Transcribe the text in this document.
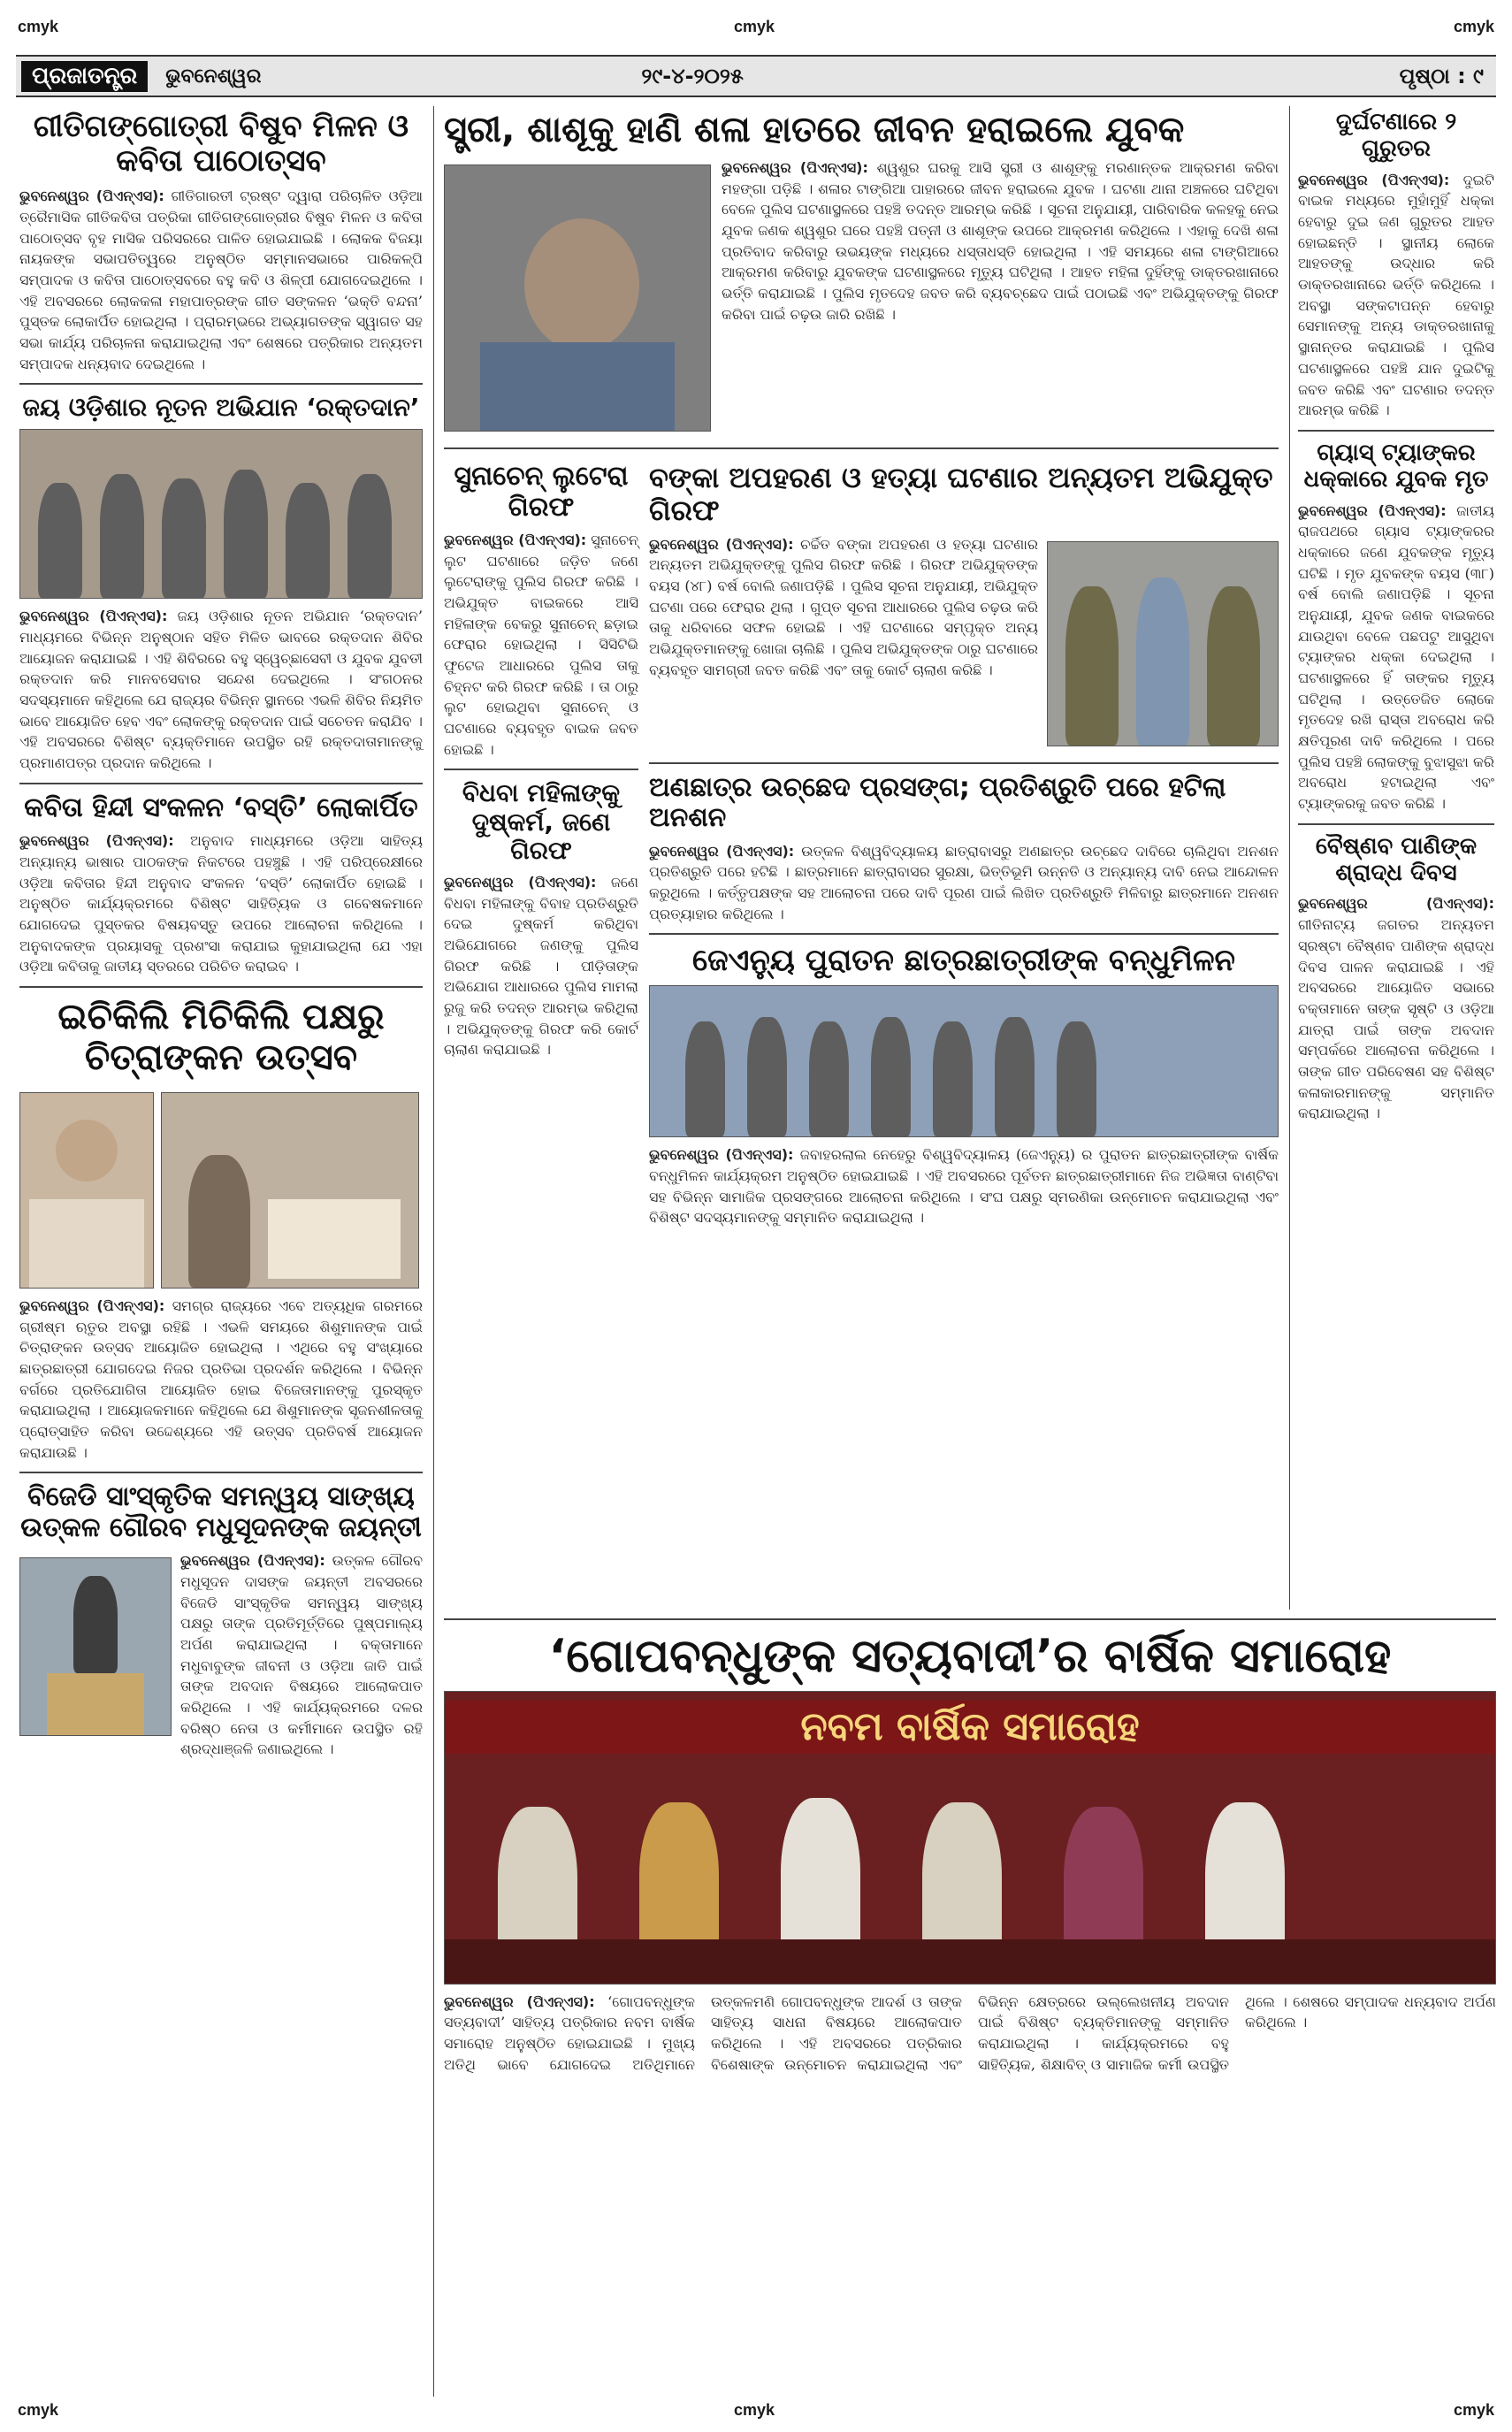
cmyk	cmyk	cmyk
cmyk	cmyk	cmyk
ପ୍ରଜାତନ୍ତ୍ର	ଭୁବନେଶ୍ୱର	୨୯-୪-୨୦୨୫	ପୃଷ୍ଠା : ୯
ଗୀତିଗଙ୍ଗୋତ୍ରୀ ବିଷୁବ ମିଳନ ଓ କବିତା ପାଠୋତ୍ସବ
ଭୁବନେଶ୍ୱର (ପିଏନ୍ଏସ): ଗୀତିଗାରତୀ ଟ୍ରଷ୍ଟ ଦ୍ୱାରା ପରିଚାଳିତ ଓଡ଼ିଆ ତ୍ରୈମାସିକ ଗୀତିକବିତା ପତ୍ରିକା ଗୀତିଗଙ୍ଗୋତ୍ରୀର ବିଷୁବ ମିଳନ ଓ କବିତା ପାଠୋତ୍ସବ ବୃହ ମାସିକ ପରିସରରେ ପାଳିତ ହୋଇଯାଇଛି । ଲୋକକ ବିଜୟା ନାୟକଙ୍କ ସଭାପତିତ୍ୱରେ ଅନୁଷ୍ଠିତ ସମ୍ମାନସଭାରେ ପାରିକଳ୍ପି ସମ୍ପାଦକ ଓ କବିତା ପାଠୋତ୍ସବରେ ବହୁ କବି ଓ ଶିଳ୍ପୀ ଯୋଗଦେଇଥିଲେ । ଏହି ଅବସରରେ ଲୋକକଳା ମହାପାତ୍ରଙ୍କ ଗୀତ ସଙ୍କଳନ ‘ଭକ୍ତି ବନ୍ଦନା’ ପୁସ୍ତକ ଲୋକାର୍ପିତ ହୋଇଥିଲା । ପ୍ରାରମ୍ଭରେ ଅଭ୍ୟାଗତଙ୍କ ସ୍ୱାଗତ ସହ ସଭା କାର୍ଯ୍ୟ ପରିଚାଳନା କରାଯାଇଥିଲା ଏବଂ ଶେଷରେ ପତ୍ରିକାର ଅନ୍ୟତମ ସମ୍ପାଦକ ଧନ୍ୟବାଦ ଦେଇଥିଲେ ।
ଜୟ ଓଡ଼ିଶାର ନୂତନ ଅଭିଯାନ ‘ରକ୍ତଦାନ’
ଭୁବନେଶ୍ୱର (ପିଏନ୍ଏସ): ଜୟ ଓଡ଼ିଶାର ନୂତନ ଅଭିଯାନ ‘ରକ୍ତଦାନ’ ମାଧ୍ୟମରେ ବିଭିନ୍ନ ଅନୁଷ୍ଠାନ ସହିତ ମିଳିତ ଭାବରେ ରକ୍ତଦାନ ଶିବିର ଆୟୋଜନ କରାଯାଇଛି । ଏହି ଶିବିରରେ ବହୁ ସ୍ୱେଚ୍ଛାସେବୀ ଓ ଯୁବକ ଯୁବତୀ ରକ୍ତଦାନ କରି ମାନବସେବାର ସନ୍ଦେଶ ଦେଇଥିଲେ । ସଂଗଠନର ସଦସ୍ୟମାନେ କହିଥିଲେ ଯେ ରାଜ୍ୟର ବିଭିନ୍ନ ସ୍ଥାନରେ ଏଭଳି ଶିବିର ନିୟମିତ ଭାବେ ଆୟୋଜିତ ହେବ ଏବଂ ଲୋକଙ୍କୁ ରକ୍ତଦାନ ପାଇଁ ସଚେତନ କରାଯିବ । ଏହି ଅବସରରେ ବିଶିଷ୍ଟ ବ୍ୟକ୍ତିମାନେ ଉପସ୍ଥିତ ରହି ରକ୍ତଦାତାମାନଙ୍କୁ ପ୍ରମାଣପତ୍ର ପ୍ରଦାନ କରିଥିଲେ ।
କବିତା ହିନ୍ଦୀ ସଂକଳନ ‘ବସ୍ତି’ ଲୋକାର୍ପିତ
ଭୁବନେଶ୍ୱର (ପିଏନ୍ଏସ): ଅନୁବାଦ ମାଧ୍ୟମରେ ଓଡ଼ିଆ ସାହିତ୍ୟ ଅନ୍ୟାନ୍ୟ ଭାଷାର ପାଠକଙ୍କ ନିକଟରେ ପହଞ୍ଚୁଛି । ଏହି ପରିପ୍ରେକ୍ଷୀରେ ଓଡ଼ିଆ କବିତାର ହିନ୍ଦୀ ଅନୁବାଦ ସଂକଳନ ‘ବସ୍ତି’ ଲୋକାର୍ପିତ ହୋଇଛି । ଅନୁଷ୍ଠିତ କାର୍ଯ୍ୟକ୍ରମରେ ବିଶିଷ୍ଟ ସାହିତ୍ୟିକ ଓ ଗବେଷକମାନେ ଯୋଗଦେଇ ପୁସ୍ତକର ବିଷୟବସ୍ତୁ ଉପରେ ଆଲୋଚନା କରିଥିଲେ । ଅନୁବାଦକଙ୍କ ପ୍ରୟାସକୁ ପ୍ରଶଂସା କରାଯାଇ କୁହାଯାଇଥିଲା ଯେ ଏହା ଓଡ଼ିଆ କବିତାକୁ ଜାତୀୟ ସ୍ତରରେ ପରିଚିତ କରାଇବ ।
ଇଚିକିଲି ମିଚିକିଲି ପକ୍ଷରୁ ଚିତ୍ରାଙ୍କନ ଉତ୍ସବ
ଭୁବନେଶ୍ୱର (ପିଏନ୍ଏସ): ସମଗ୍ର ରାଜ୍ୟରେ ଏବେ ଅତ୍ୟଧିକ ଗରମରେ ଗ୍ରୀଷ୍ମ ଋତୁର ଅବସ୍ଥା ରହିଛି । ଏଭଳି ସମୟରେ ଶିଶୁମାନଙ୍କ ପାଇଁ ଚିତ୍ରାଙ୍କନ ଉତ୍ସବ ଆୟୋଜିତ ହୋଇଥିଲା । ଏଥିରେ ବହୁ ସଂଖ୍ୟାରେ ଛାତ୍ରଛାତ୍ରୀ ଯୋଗଦେଇ ନିଜର ପ୍ରତିଭା ପ୍ରଦର୍ଶନ କରିଥିଲେ । ବିଭିନ୍ନ ବର୍ଗରେ ପ୍ରତିଯୋଗିତା ଆୟୋଜିତ ହୋଇ ବିଜେତାମାନଙ୍କୁ ପୁରସ୍କୃତ କରାଯାଇଥିଲା । ଆୟୋଜକମାନେ କହିଥିଲେ ଯେ ଶିଶୁମାନଙ୍କ ସୃଜନଶୀଳତାକୁ ପ୍ରୋତ୍ସାହିତ କରିବା ଉଦ୍ଦେଶ୍ୟରେ ଏହି ଉତ୍ସବ ପ୍ରତିବର୍ଷ ଆୟୋଜନ କରାଯାଉଛି ।
ବିଜେଡି ସାଂସ୍କୃତିକ ସମନ୍ୱୟ ସାଙ୍ଖ୍ୟ ଉତ୍କଳ ଗୌରବ ମଧୁସୂଦନଙ୍କ ଜୟନ୍ତୀ
ଭୁବନେଶ୍ୱର (ପିଏନ୍ଏସ): ଉତ୍କଳ ଗୌରବ ମଧୁସୂଦନ ଦାସଙ୍କ ଜୟନ୍ତୀ ଅବସରରେ ବିଜେଡି ସାଂସ୍କୃତିକ ସମନ୍ୱୟ ସାଙ୍ଖ୍ୟ ପକ୍ଷରୁ ତାଙ୍କ ପ୍ରତିମୂର୍ତ୍ତିରେ ପୁଷ୍ପମାଲ୍ୟ ଅର୍ପଣ କରାଯାଇଥିଲା । ବକ୍ତାମାନେ ମଧୁବାବୁଙ୍କ ଜୀବନୀ ଓ ଓଡ଼ିଆ ଜାତି ପାଇଁ ତାଙ୍କ ଅବଦାନ ବିଷୟରେ ଆଲୋକପାତ କରିଥିଲେ । ଏହି କାର୍ଯ୍ୟକ୍ରମରେ ଦଳର ବରିଷ୍ଠ ନେତା ଓ କର୍ମୀମାନେ ଉପସ୍ଥିତ ରହି ଶ୍ରଦ୍ଧାଞ୍ଜଳି ଜଣାଇଥିଲେ ।
ସ୍ତ୍ରୀ, ଶାଶୂକୁ ହାଣି ଶଳା ହାତରେ ଜୀବନ ହରାଇଲେ ଯୁବକ
ଭୁବନେଶ୍ୱର (ପିଏନ୍ଏସ): ଶ୍ୱଶୁର ଘରକୁ ଆସି ସ୍ତ୍ରୀ ଓ ଶାଶୂଙ୍କୁ ମରଣାନ୍ତକ ଆକ୍ରମଣ କରିବା ମହଙ୍ଗା ପଡ଼ିଛି । ଶଳାର ଟାଙ୍ଗିଆ ପାହାରରେ ଜୀବନ ହରାଇଲେ ଯୁବକ । ଘଟଣା ଥାନା ଅଞ୍ଚଳରେ ଘଟିଥିବା ବେଳେ ପୁଲିସ ଘଟଣାସ୍ଥଳରେ ପହଞ୍ଚି ତଦନ୍ତ ଆରମ୍ଭ କରିଛି । ସୂଚନା ଅନୁଯାୟୀ, ପାରିବାରିକ କଳହକୁ ନେଇ ଯୁବକ ଜଣକ ଶ୍ୱଶୁର ଘରେ ପହଞ୍ଚି ପତ୍ନୀ ଓ ଶାଶୂଙ୍କ ଉପରେ ଆକ୍ରମଣ କରିଥିଲେ । ଏହାକୁ ଦେଖି ଶଳା ପ୍ରତିବାଦ କରିବାରୁ ଉଭୟଙ୍କ ମଧ୍ୟରେ ଧସ୍ତାଧସ୍ତି ହୋଇଥିଲା । ଏହି ସମୟରେ ଶଳା ଟାଙ୍ଗିଆରେ ଆକ୍ରମଣ କରିବାରୁ ଯୁବକଙ୍କ ଘଟଣାସ୍ଥଳରେ ମୃତ୍ୟୁ ଘଟିଥିଲା । ଆହତ ମହିଳା ଦୁହିଁଙ୍କୁ ଡାକ୍ତରଖାନାରେ ଭର୍ତ୍ତି କରାଯାଇଛି । ପୁଲିସ ମୃତଦେହ ଜବତ କରି ବ୍ୟବଚ୍ଛେଦ ପାଇଁ ପଠାଇଛି ଏବଂ ଅଭିଯୁକ୍ତଙ୍କୁ ଗିରଫ କରିବା ପାଇଁ ଚଢ଼ଉ ଜାରି ରଖିଛି ।
ସୁନାଚେନ୍ ଲୁଟେରା ଗିରଫ
ଭୁବନେଶ୍ୱର (ପିଏନ୍ଏସ): ସୁନାଚେନ୍ ଲୁଟ ଘଟଣାରେ ଜଡ଼ିତ ଜଣେ ଲୁଟେରାଙ୍କୁ ପୁଲିସ ଗିରଫ କରିଛି । ଅଭିଯୁକ୍ତ ବାଇକରେ ଆସି ମହିଳାଙ୍କ ବେକରୁ ସୁନାଚେନ୍ ଛଡ଼ାଇ ଫେରାର ହୋଇଥିଲା । ସିସିଟିଭି ଫୁଟେଜ ଆଧାରରେ ପୁଲିସ ତାକୁ ଚିହ୍ନଟ କରି ଗିରଫ କରିଛି । ତା ଠାରୁ ଲୁଟ ହୋଇଥିବା ସୁନାଚେନ୍ ଓ ଘଟଣାରେ ବ୍ୟବହୃତ ବାଇକ ଜବତ ହୋଇଛି ।
ବିଧବା ମହିଳାଙ୍କୁ ଦୁଷ୍କର୍ମ, ଜଣେ ଗିରଫ
ଭୁବନେଶ୍ୱର (ପିଏନ୍ଏସ): ଜଣେ ବିଧବା ମହିଳାଙ୍କୁ ବିବାହ ପ୍ରତିଶ୍ରୁତି ଦେଇ ଦୁଷ୍କର୍ମ କରିଥିବା ଅଭିଯୋଗରେ ଜଣଙ୍କୁ ପୁଲିସ ଗିରଫ କରିଛି । ପୀଡ଼ିତାଙ୍କ ଅଭିଯୋଗ ଆଧାରରେ ପୁଲିସ ମାମଲା ରୁଜୁ କରି ତଦନ୍ତ ଆରମ୍ଭ କରିଥିଲା । ଅଭିଯୁକ୍ତଙ୍କୁ ଗିରଫ କରି କୋର୍ଟ ଚାଲାଣ କରାଯାଇଛି ।
ବଙ୍କା ଅପହରଣ ଓ ହତ୍ୟା ଘଟଣାର ଅନ୍ୟତମ ଅଭିଯୁକ୍ତ ଗିରଫ
ଭୁବନେଶ୍ୱର (ପିଏନ୍ଏସ): ଚର୍ଚ୍ଚିତ ବଙ୍କା ଅପହରଣ ଓ ହତ୍ୟା ଘଟଣାର ଅନ୍ୟତମ ଅଭିଯୁକ୍ତଙ୍କୁ ପୁଲିସ ଗିରଫ କରିଛି । ଗିରଫ ଅଭିଯୁକ୍ତଙ୍କ ବୟସ (୪୮) ବର୍ଷ ବୋଲି ଜଣାପଡ଼ିଛି । ପୁଲିସ ସୂଚନା ଅନୁଯାୟୀ, ଅଭିଯୁକ୍ତ ଘଟଣା ପରେ ଫେରାର ଥିଲା । ଗୁପ୍ତ ସୂଚନା ଆଧାରରେ ପୁଲିସ ଚଢ଼ଉ କରି ତାକୁ ଧରିବାରେ ସଫଳ ହୋଇଛି । ଏହି ଘଟଣାରେ ସମ୍ପୃକ୍ତ ଅନ୍ୟ ଅଭିଯୁକ୍ତମାନଙ୍କୁ ଖୋଜା ଚାଲିଛି । ପୁଲିସ ଅଭିଯୁକ୍ତଙ୍କ ଠାରୁ ଘଟଣାରେ ବ୍ୟବହୃତ ସାମଗ୍ରୀ ଜବତ କରିଛି ଏବଂ ତାକୁ କୋର୍ଟ ଚାଲାଣ କରିଛି ।
ଅଣଛାତ୍ର ଉଚ୍ଛେଦ ପ୍ରସଙ୍ଗ; ପ୍ରତିଶ୍ରୁତି ପରେ ହଟିଲା ଅନଶନ
ଭୁବନେଶ୍ୱର (ପିଏନ୍ଏସ): ଉତ୍କଳ ବିଶ୍ୱବିଦ୍ୟାଳୟ ଛାତ୍ରାବାସରୁ ଅଣଛାତ୍ର ଉଚ୍ଛେଦ ଦାବିରେ ଚାଲିଥିବା ଅନଶନ ପ୍ରତିଶ୍ରୁତି ପରେ ହଟିଛି । ଛାତ୍ରମାନେ ଛାତ୍ରାବାସର ସୁରକ୍ଷା, ଭିତ୍ତିଭୂମି ଉନ୍ନତି ଓ ଅନ୍ୟାନ୍ୟ ଦାବି ନେଇ ଆନ୍ଦୋଳନ କରୁଥିଲେ । କର୍ତ୍ତୃପକ୍ଷଙ୍କ ସହ ଆଲୋଚନା ପରେ ଦାବି ପୂରଣ ପାଇଁ ଲିଖିତ ପ୍ରତିଶ୍ରୁତି ମିଳିବାରୁ ଛାତ୍ରମାନେ ଅନଶନ ପ୍ରତ୍ୟାହାର କରିଥିଲେ ।
ଜେଏନ୍ୟୁ ପୁରାତନ ଛାତ୍ରଛାତ୍ରୀଙ୍କ ବନ୍ଧୁମିଳନ
ଭୁବନେଶ୍ୱର (ପିଏନ୍ଏସ): ଜବାହରଲାଲ ନେହେରୁ ବିଶ୍ୱବିଦ୍ୟାଳୟ (ଜେଏନ୍ୟୁ) ର ପୁରାତନ ଛାତ୍ରଛାତ୍ରୀଙ୍କ ବାର୍ଷିକ ବନ୍ଧୁମିଳନ କାର୍ଯ୍ୟକ୍ରମ ଅନୁଷ୍ଠିତ ହୋଇଯାଇଛି । ଏହି ଅବସରରେ ପୂର୍ବତନ ଛାତ୍ରଛାତ୍ରୀମାନେ ନିଜ ଅଭିଜ୍ଞତା ବାଣ୍ଟିବା ସହ ବିଭିନ୍ନ ସାମାଜିକ ପ୍ରସଙ୍ଗରେ ଆଲୋଚନା କରିଥିଲେ । ସଂଘ ପକ୍ଷରୁ ସ୍ମରଣିକା ଉନ୍ମୋଚନ କରାଯାଇଥିଲା ଏବଂ ବିଶିଷ୍ଟ ସଦସ୍ୟମାନଙ୍କୁ ସମ୍ମାନିତ କରାଯାଇଥିଲା ।
ଦୁର୍ଘଟଣାରେ ୨ ଗୁରୁତର
ଭୁବନେଶ୍ୱର (ପିଏନ୍ଏସ): ଦୁଇଟି ବାଇକ ମଧ୍ୟରେ ମୁହାଁମୁହିଁ ଧକ୍କା ହେବାରୁ ଦୁଇ ଜଣ ଗୁରୁତର ଆହତ ହୋଇଛନ୍ତି । ସ୍ଥାନୀୟ ଲୋକେ ଆହତଙ୍କୁ ଉଦ୍ଧାର କରି ଡାକ୍ତରଖାନାରେ ଭର୍ତ୍ତି କରିଥିଲେ । ଅବସ୍ଥା ସଙ୍କଟାପନ୍ନ ହେବାରୁ ସେମାନଙ୍କୁ ଅନ୍ୟ ଡାକ୍ତରଖାନାକୁ ସ୍ଥାନାନ୍ତର କରାଯାଇଛି । ପୁଲିସ ଘଟଣାସ୍ଥଳରେ ପହଞ୍ଚି ଯାନ ଦୁଇଟିକୁ ଜବତ କରିଛି ଏବଂ ଘଟଣାର ତଦନ୍ତ ଆରମ୍ଭ କରିଛି ।
ଗ୍ୟାସ୍ ଟ୍ୟାଙ୍କର ଧକ୍କାରେ ଯୁବକ ମୃତ
ଭୁବନେଶ୍ୱର (ପିଏନ୍ଏସ): ଜାତୀୟ ରାଜପଥରେ ଗ୍ୟାସ ଟ୍ୟାଙ୍କରର ଧକ୍କାରେ ଜଣେ ଯୁବକଙ୍କ ମୃତ୍ୟୁ ଘଟିଛି । ମୃତ ଯୁବକଙ୍କ ବୟସ (୩୮) ବର୍ଷ ବୋଲି ଜଣାପଡ଼ିଛି । ସୂଚନା ଅନୁଯାୟୀ, ଯୁବକ ଜଣକ ବାଇକରେ ଯାଉଥିବା ବେଳେ ପଛପଟୁ ଆସୁଥିବା ଟ୍ୟାଙ୍କର ଧକ୍କା ଦେଇଥିଲା । ଘଟଣାସ୍ଥଳରେ ହିଁ ତାଙ୍କର ମୃତ୍ୟୁ ଘଟିଥିଲା । ଉତ୍ତେଜିତ ଲୋକେ ମୃତଦେହ ରଖି ରାସ୍ତା ଅବରୋଧ କରି କ୍ଷତିପୂରଣ ଦାବି କରିଥିଲେ । ପରେ ପୁଲିସ ପହଞ୍ଚି ଲୋକଙ୍କୁ ବୁଝାସୁଝା କରି ଅବରୋଧ ହଟାଇଥିଲା ଏବଂ ଟ୍ୟାଙ୍କରକୁ ଜବତ କରିଛି ।
ବୈଷ୍ଣବ ପାଣିଙ୍କ ଶ୍ରାଦ୍ଧ ଦିବସ
ଭୁବନେଶ୍ୱର (ପିଏନ୍ଏସ): ଗୀତିନାଟ୍ୟ ଜଗତର ଅନ୍ୟତମ ସ୍ରଷ୍ଟା ବୈଷ୍ଣବ ପାଣିଙ୍କ ଶ୍ରାଦ୍ଧ ଦିବସ ପାଳନ କରାଯାଇଛି । ଏହି ଅବସରରେ ଆୟୋଜିତ ସଭାରେ ବକ୍ତାମାନେ ତାଙ୍କ ସୃଷ୍ଟି ଓ ଓଡ଼ିଆ ଯାତ୍ରା ପାଇଁ ତାଙ୍କ ଅବଦାନ ସମ୍ପର୍କରେ ଆଲୋଚନା କରିଥିଲେ । ତାଙ୍କ ଗୀତ ପରିବେଷଣ ସହ ବିଶିଷ୍ଟ କଳାକାରମାନଙ୍କୁ ସମ୍ମାନିତ କରାଯାଇଥିଲା ।
‘ଗୋପବନ୍ଧୁଙ୍କ ସତ୍ୟବାଦୀ’ର ବାର୍ଷିକ ସମାରୋହ
ନବମ ବାର୍ଷିକ ସମାରୋହ
ଭୁବନେଶ୍ୱର (ପିଏନ୍ଏସ): ‘ଗୋପବନ୍ଧୁଙ୍କ ସତ୍ୟବାଦୀ’ ସାହିତ୍ୟ ପତ୍ରିକାର ନବମ ବାର୍ଷିକ ସମାରୋହ ଅନୁଷ୍ଠିତ ହୋଇଯାଇଛି । ମୁଖ୍ୟ ଅତିଥି ଭାବେ ଯୋଗଦେଇ ଅତିଥିମାନେ ଉତ୍କଳମଣି ଗୋପବନ୍ଧୁଙ୍କ ଆଦର୍ଶ ଓ ତାଙ୍କ ସାହିତ୍ୟ ସାଧନା ବିଷୟରେ ଆଲୋକପାତ କରିଥିଲେ । ଏହି ଅବସରରେ ପତ୍ରିକାର ବିଶେଷାଙ୍କ ଉନ୍ମୋଚନ କରାଯାଇଥିଲା ଏବଂ ବିଭିନ୍ନ କ୍ଷେତ୍ରରେ ଉଲ୍ଲେଖନୀୟ ଅବଦାନ ପାଇଁ ବିଶିଷ୍ଟ ବ୍ୟକ୍ତିମାନଙ୍କୁ ସମ୍ମାନିତ କରାଯାଇଥିଲା । କାର୍ଯ୍ୟକ୍ରମରେ ବହୁ ସାହିତ୍ୟିକ, ଶିକ୍ଷାବିତ୍ ଓ ସାମାଜିକ କର୍ମୀ ଉପସ୍ଥିତ ଥିଲେ । ଶେଷରେ ସମ୍ପାଦକ ଧନ୍ୟବାଦ ଅର୍ପଣ କରିଥିଲେ ।
